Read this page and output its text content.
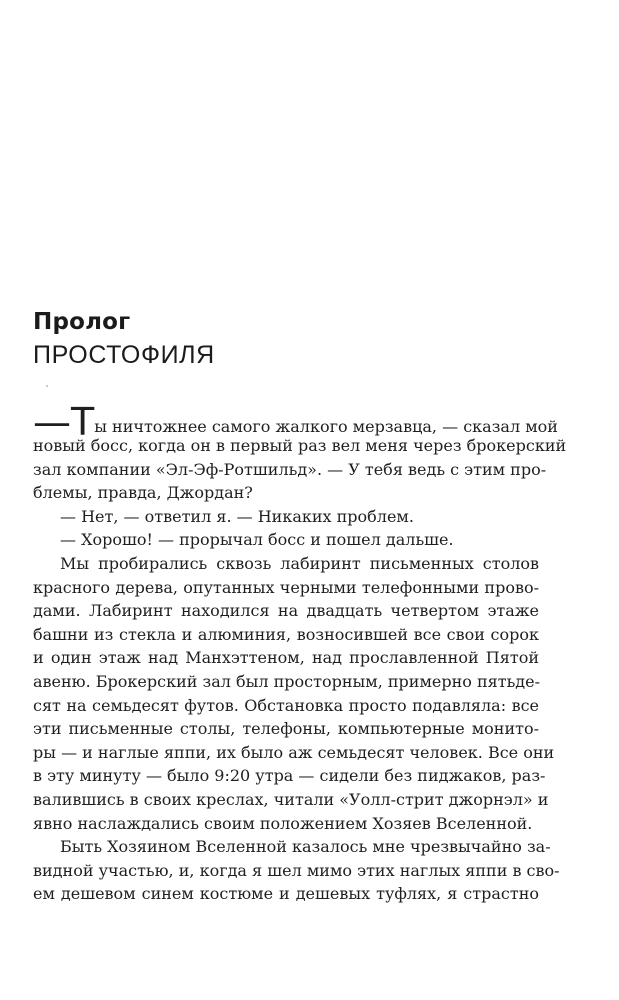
Пролог
ПРОСТОФИЛЯ
—Ты ничтожнее самого жалкого мерзавца, — сказал мой
новый босс, когда он в первый раз вел меня через брокерский
зал компании «Эл-Эф-Ротшильд». — У тебя ведь с этим про-
блемы, правда, Джордан?
— Нет, — ответил я. — Никаких проблем.
— Хорошо! — прорычал босс и пошел дальше.
Мы пробирались сквозь лабиринт письменных столов
красного дерева, опутанных черными телефонными прово-
дами. Лабиринт находился на двадцать четвертом этаже
башни из стекла и алюминия, возносившей все свои сорок
и один этаж над Манхэттеном, над прославленной Пятой
авеню. Брокерский зал был просторным, примерно пятьде-
сят на семьдесят футов. Обстановка просто подавляла: все
эти письменные столы, телефоны, компьютерные монито-
ры — и наглые яппи, их было аж семьдесят человек. Все они
в эту минуту — было 9:20 утра — сидели без пиджаков, раз-
валившись в своих креслах, читали «Уолл-стрит джорнэл» и
явно наслаждались своим положением Хозяев Вселенной.
Быть Хозяином Вселенной казалось мне чрезвычайно за-
видной участью, и, когда я шел мимо этих наглых яппи в сво-
ем дешевом синем костюме и дешевых туфлях, я страстно
